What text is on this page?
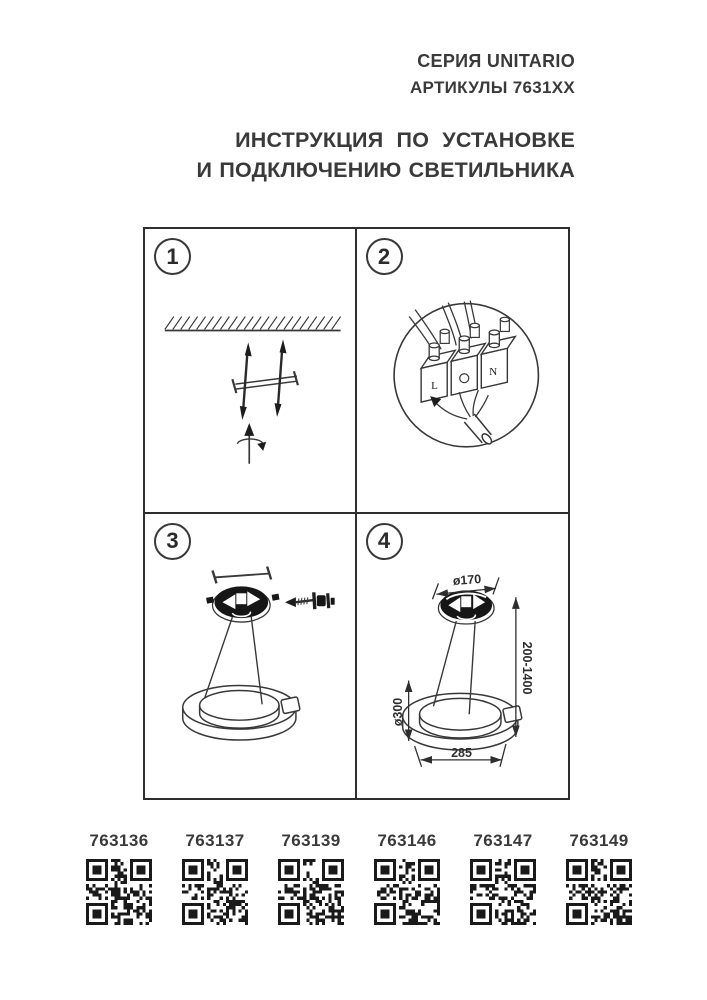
СЕРИЯ UNITARIO
АРТИКУЛЫ 7631XX
ИНСТРУКЦИЯ ПО УСТАНОВКЕ
И ПОДКЛЮЧЕНИЮ СВЕТИЛЬНИКА
1	2
L
N
3	4
ø170
200-1400
ø300
285
763136 763137 763139 763146 763147 763149
